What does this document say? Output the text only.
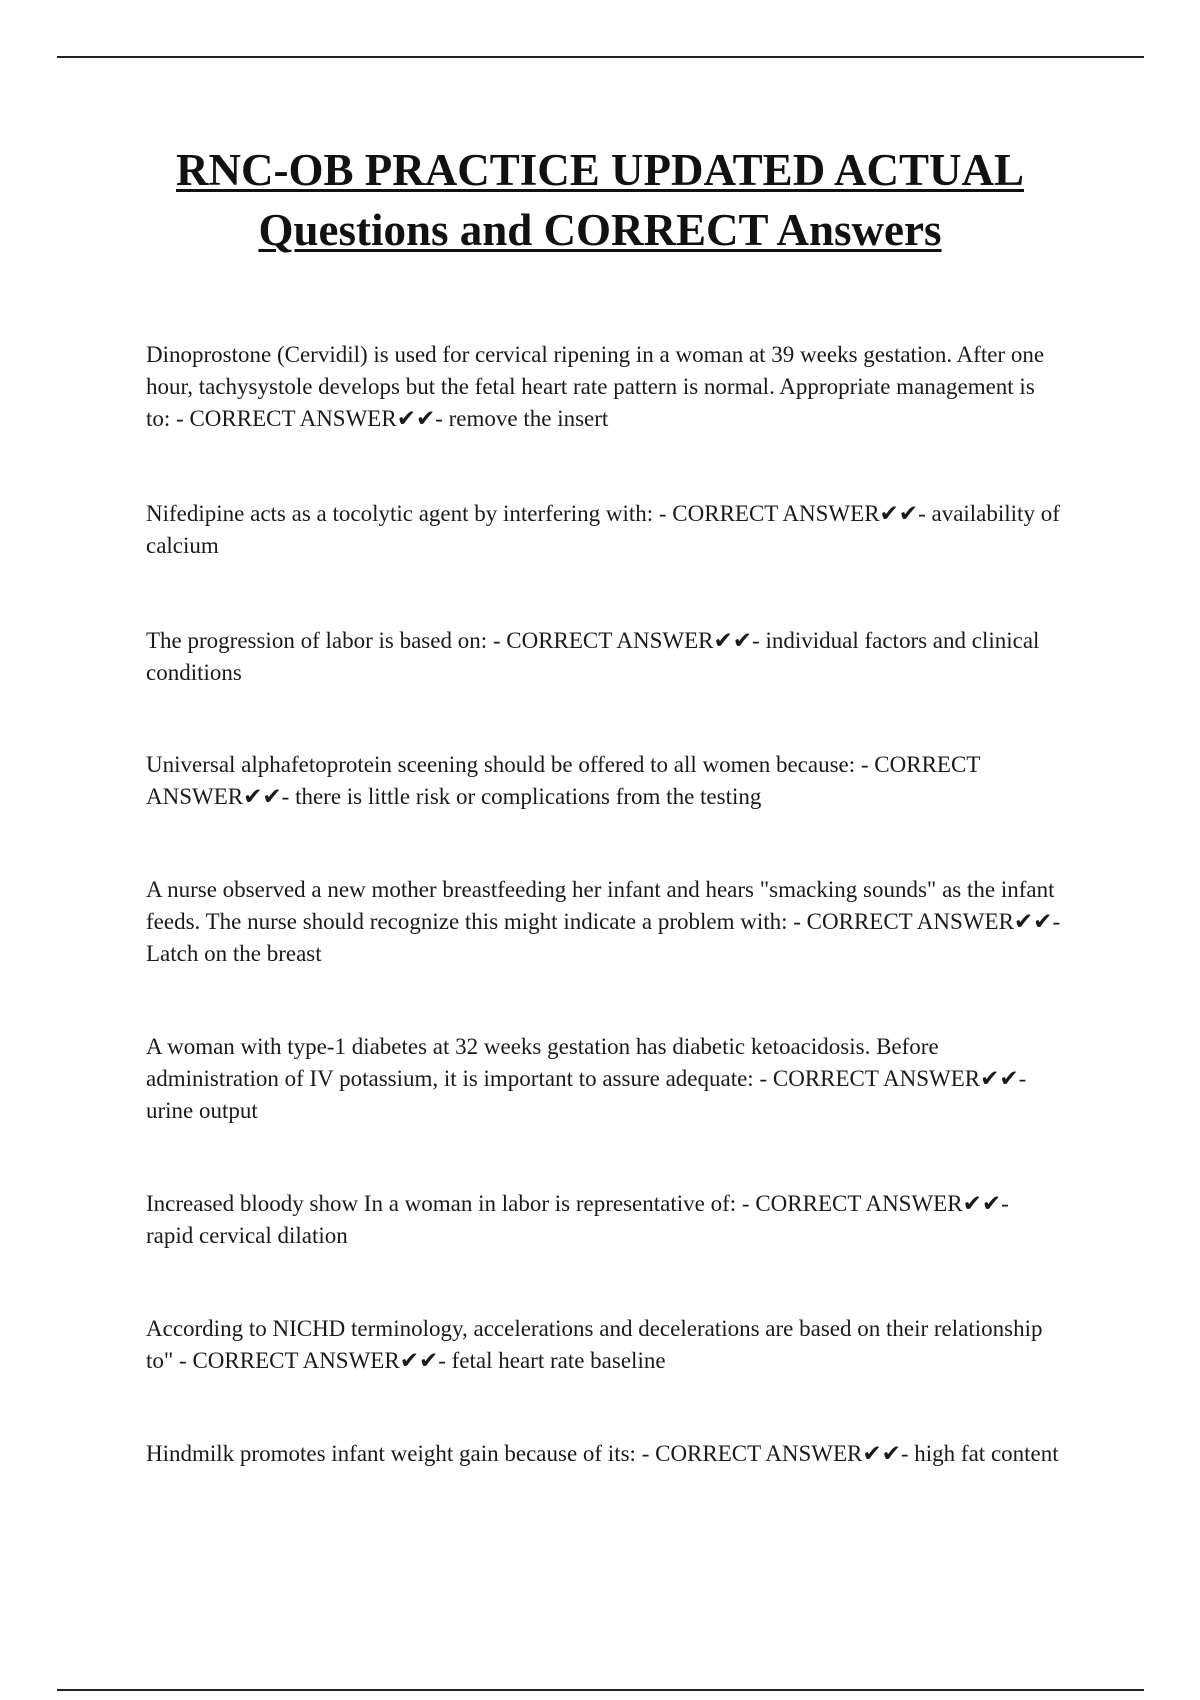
RNC-OB PRACTICE UPDATED ACTUAL Questions and CORRECT Answers
Dinoprostone (Cervidil) is used for cervical ripening in a woman at 39 weeks gestation. After one hour, tachysystole develops but the fetal heart rate pattern is normal. Appropriate management is to: - CORRECT ANSWER✔✔- remove the insert
Nifedipine acts as a tocolytic agent by interfering with: - CORRECT ANSWER✔✔- availability of calcium
The progression of labor is based on: - CORRECT ANSWER✔✔- individual factors and clinical conditions
Universal alphafetoprotein sceening should be offered to all women because: - CORRECT ANSWER✔✔- there is little risk or complications from the testing
A nurse observed a new mother breastfeeding her infant and hears "smacking sounds" as the infant feeds. The nurse should recognize this might indicate a problem with: - CORRECT ANSWER✔✔- Latch on the breast
A woman with type-1 diabetes at 32 weeks gestation has diabetic ketoacidosis. Before administration of IV potassium, it is important to assure adequate: - CORRECT ANSWER✔✔- urine output
Increased bloody show In a woman in labor is representative of: - CORRECT ANSWER✔✔- rapid cervical dilation
According to NICHD terminology, accelerations and decelerations are based on their relationship to" - CORRECT ANSWER✔✔- fetal heart rate baseline
Hindmilk promotes infant weight gain because of its: - CORRECT ANSWER✔✔- high fat content
